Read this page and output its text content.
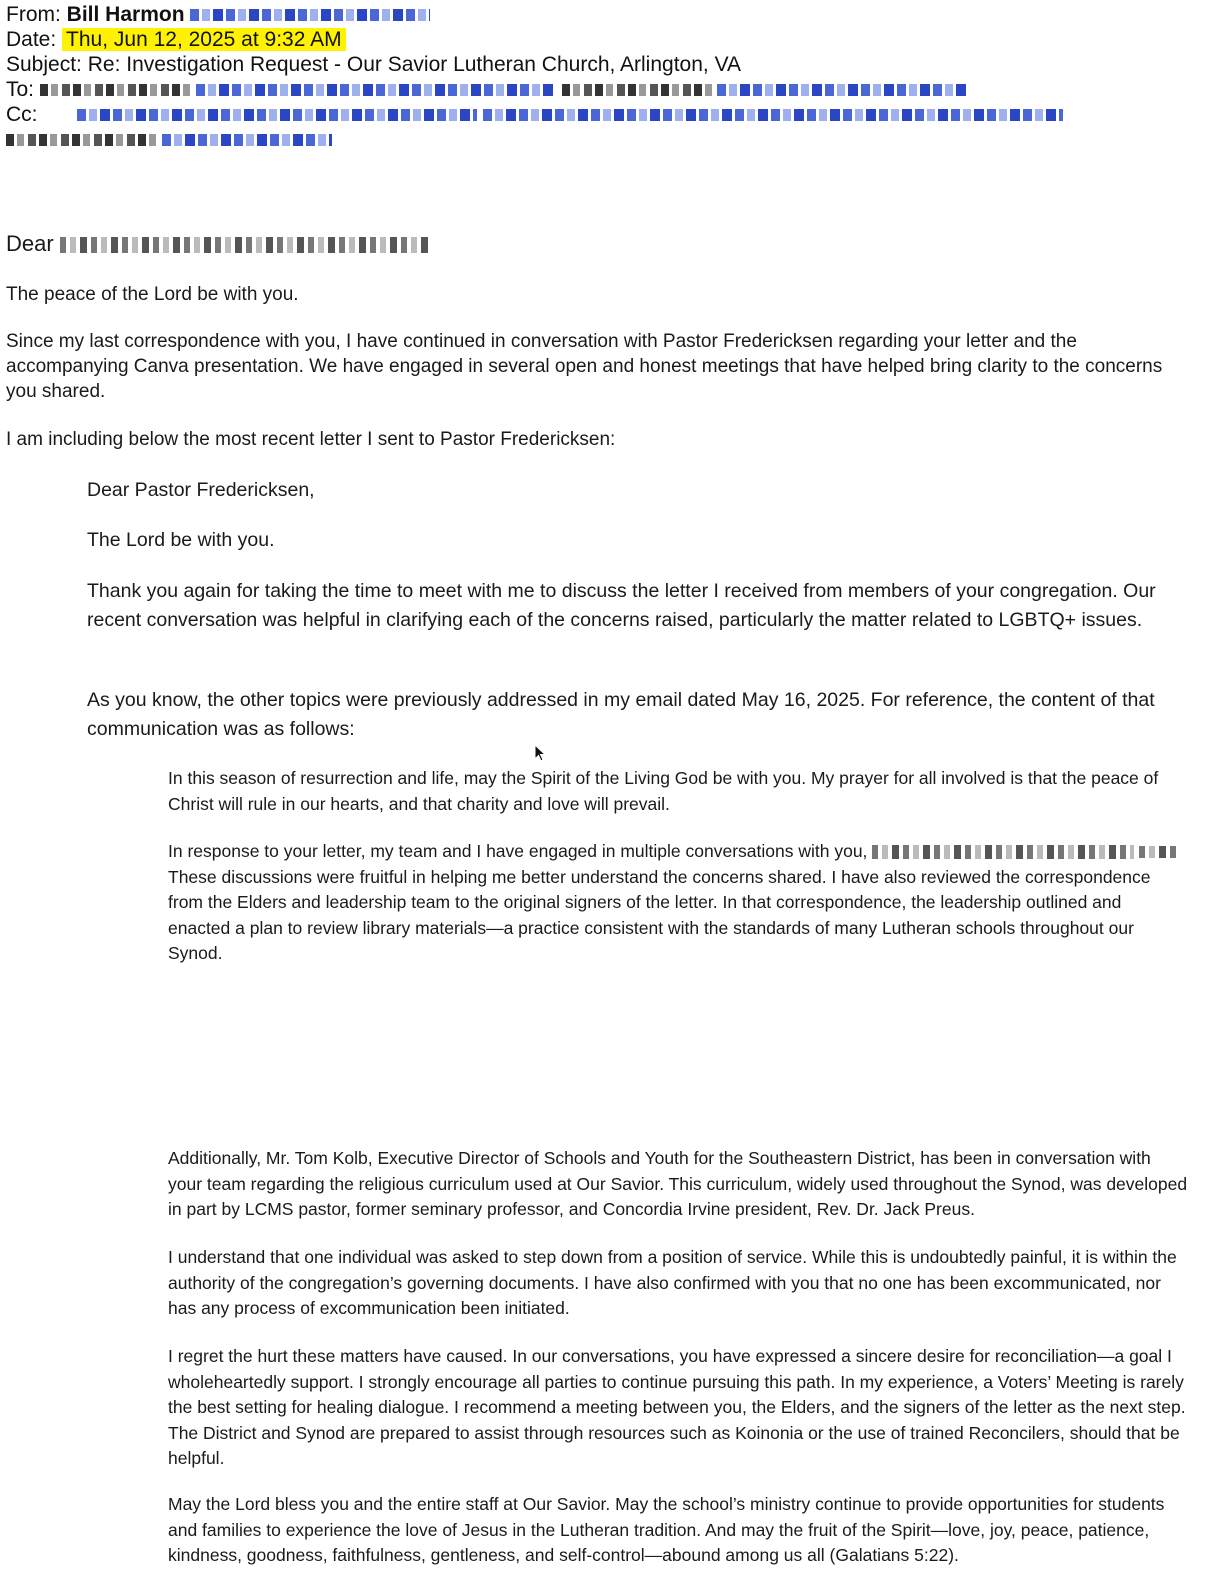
From: Bill Harmon
Date: Thu, Jun 12, 2025 at 9:32 AM
Subject: Re: Investigation Request - Our Savior Lutheran Church, Arlington, VA
To:
Cc:

Dear
The peace of the Lord be with you.
Since my last correspondence with you, I have continued in conversation with Pastor Fredericksen regarding your letter and the accompanying Canva presentation. We have engaged in several open and honest meetings that have helped bring clarity to the concerns you shared.
I am including below the most recent letter I sent to Pastor Fredericksen:
Dear Pastor Fredericksen,
The Lord be with you.
Thank you again for taking the time to meet with me to discuss the letter I received from members of your congregation. Our recent conversation was helpful in clarifying each of the concerns raised, particularly the matter related to LGBTQ+ issues.
As you know, the other topics were previously addressed in my email dated May 16, 2025. For reference, the content of that communication was as follows:
In this season of resurrection and life, may the Spirit of the Living God be with you. My prayer for all involved is that the peace of Christ will rule in our hearts, and that charity and love will prevail.
In response to your letter, my team and I have engaged in multiple conversations with you,   These discussions were fruitful in helping me better understand the concerns shared. I have also reviewed the correspondence from the Elders and leadership team to the original signers of the letter. In that correspondence, the leadership outlined and enacted a plan to review library materials—a practice consistent with the standards of many Lutheran schools throughout our Synod.
Additionally, Mr. Tom Kolb, Executive Director of Schools and Youth for the Southeastern District, has been in conversation with your team regarding the religious curriculum used at Our Savior. This curriculum, widely used throughout the Synod, was developed in part by LCMS pastor, former seminary professor, and Concordia Irvine president, Rev. Dr. Jack Preus.
I understand that one individual was asked to step down from a position of service. While this is undoubtedly painful, it is within the authority of the congregation’s governing documents. I have also confirmed with you that no one has been excommunicated, nor has any process of excommunication been initiated.
I regret the hurt these matters have caused. In our conversations, you have expressed a sincere desire for reconciliation—a goal I wholeheartedly support. I strongly encourage all parties to continue pursuing this path. In my experience, a Voters’ Meeting is rarely the best setting for healing dialogue. I recommend a meeting between you, the Elders, and the signers of the letter as the next step. The District and Synod are prepared to assist through resources such as Koinonia or the use of trained Reconcilers, should that be helpful.
May the Lord bless you and the entire staff at Our Savior. May the school’s ministry continue to provide opportunities for students and families to experience the love of Jesus in the Lutheran tradition. And may the fruit of the Spirit—love, joy, peace, patience, kindness, goodness, faithfulness, gentleness, and self-control—abound among us all (Galatians 5:22).
